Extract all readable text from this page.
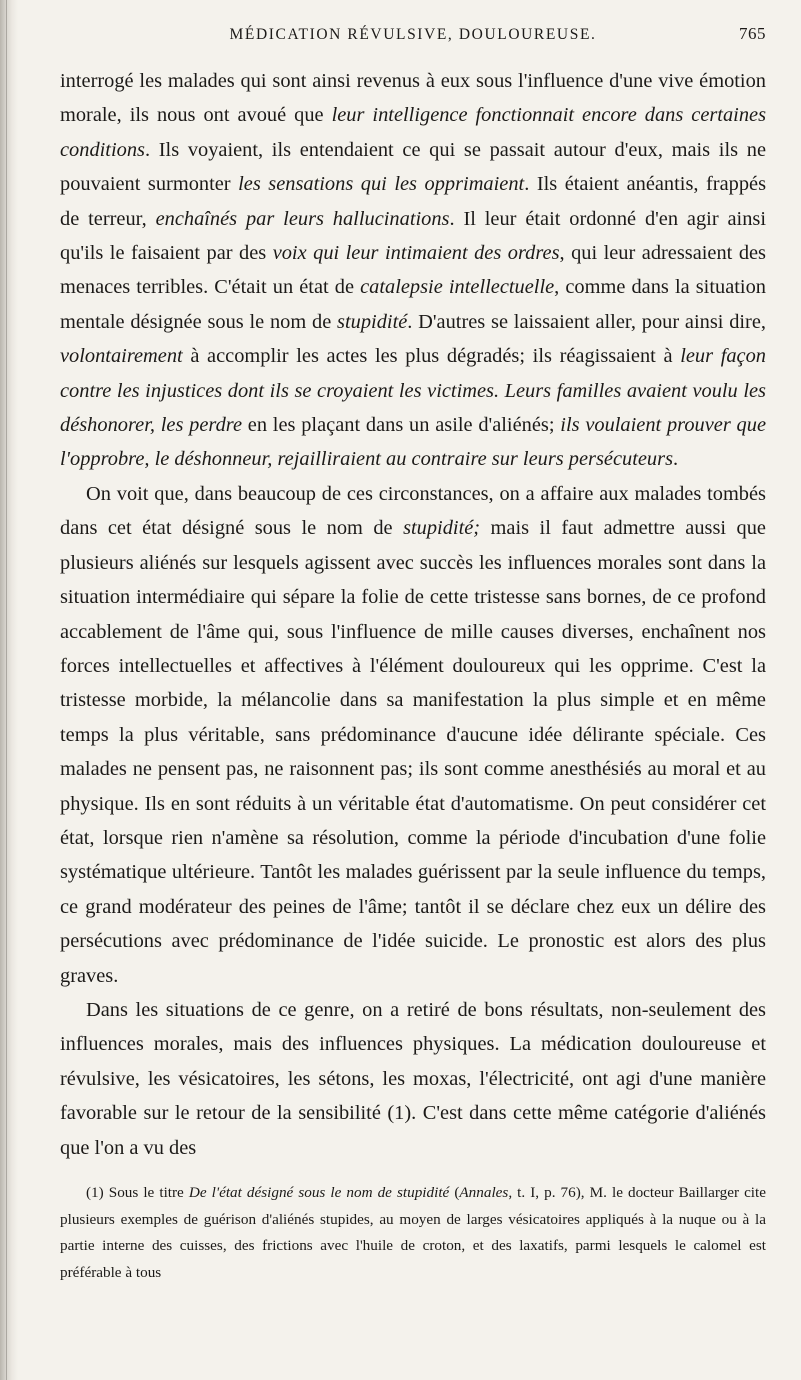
MÉDICATION RÉVULSIVE, DOULOUREUSE.	765

interrogé les malades qui sont ainsi revenus à eux sous l'influence d'une vive émotion morale, ils nous ont avoué que leur intelligence fonctionnait encore dans certaines conditions. Ils voyaient, ils entendaient ce qui se passait autour d'eux, mais ils ne pouvaient surmonter les sensations qui les opprimaient. Ils étaient anéantis, frappés de terreur, enchaînés par leurs hallucinations. Il leur était ordonné d'en agir ainsi qu'ils le faisaient par des voix qui leur intimaient des ordres, qui leur adressaient des menaces terribles. C'était un état de catalepsie intellectuelle, comme dans la situation mentale désignée sous le nom de stupidité. D'autres se laissaient aller, pour ainsi dire, volontairement à accomplir les actes les plus dégradés; ils réagissaient à leur façon contre les injustices dont ils se croyaient les victimes. Leurs familles avaient voulu les déshonorer, les perdre en les plaçant dans un asile d'aliénés; ils voulaient prouver que l'opprobre, le déshonneur, rejailliraient au contraire sur leurs persécuteurs.

On voit que, dans beaucoup de ces circonstances, on a affaire aux malades tombés dans cet état désigné sous le nom de stupidité; mais il faut admettre aussi que plusieurs aliénés sur lesquels agissent avec succès les influences morales sont dans la situation intermédiaire qui sépare la folie de cette tristesse sans bornes, de ce profond accablement de l'âme qui, sous l'influence de mille causes diverses, enchaînent nos forces intellectuelles et affectives à l'élément douloureux qui les opprime. C'est la tristesse morbide, la mélancolie dans sa manifestation la plus simple et en même temps la plus véritable, sans prédominance d'aucune idée délirante spéciale. Ces malades ne pensent pas, ne raisonnent pas; ils sont comme anesthésiés au moral et au physique. Ils en sont réduits à un véritable état d'automatisme. On peut considérer cet état, lorsque rien n'amène sa résolution, comme la période d'incubation d'une folie systématique ultérieure. Tantôt les malades guérissent par la seule influence du temps, ce grand modérateur des peines de l'âme; tantôt il se déclare chez eux un délire des persécutions avec prédominance de l'idée suicide. Le pronostic est alors des plus graves.

Dans les situations de ce genre, on a retiré de bons résultats, non-seulement des influences morales, mais des influences physiques. La médication douloureuse et révulsive, les vésicatoires, les sétons, les moxas, l'électricité, ont agi d'une manière favorable sur le retour de la sensibilité (1). C'est dans cette même catégorie d'aliénés que l'on a vu des

(1) Sous le titre De l'état désigné sous le nom de stupidité (Annales, t. I, p. 76), M. le docteur Baillarger cite plusieurs exemples de guérison d'aliénés stupides, au moyen de larges vésicatoires appliqués à la nuque ou à la partie interne des cuisses, des frictions avec l'huile de croton, et des laxatifs, parmi lesquels le calomel est préférable à tous
